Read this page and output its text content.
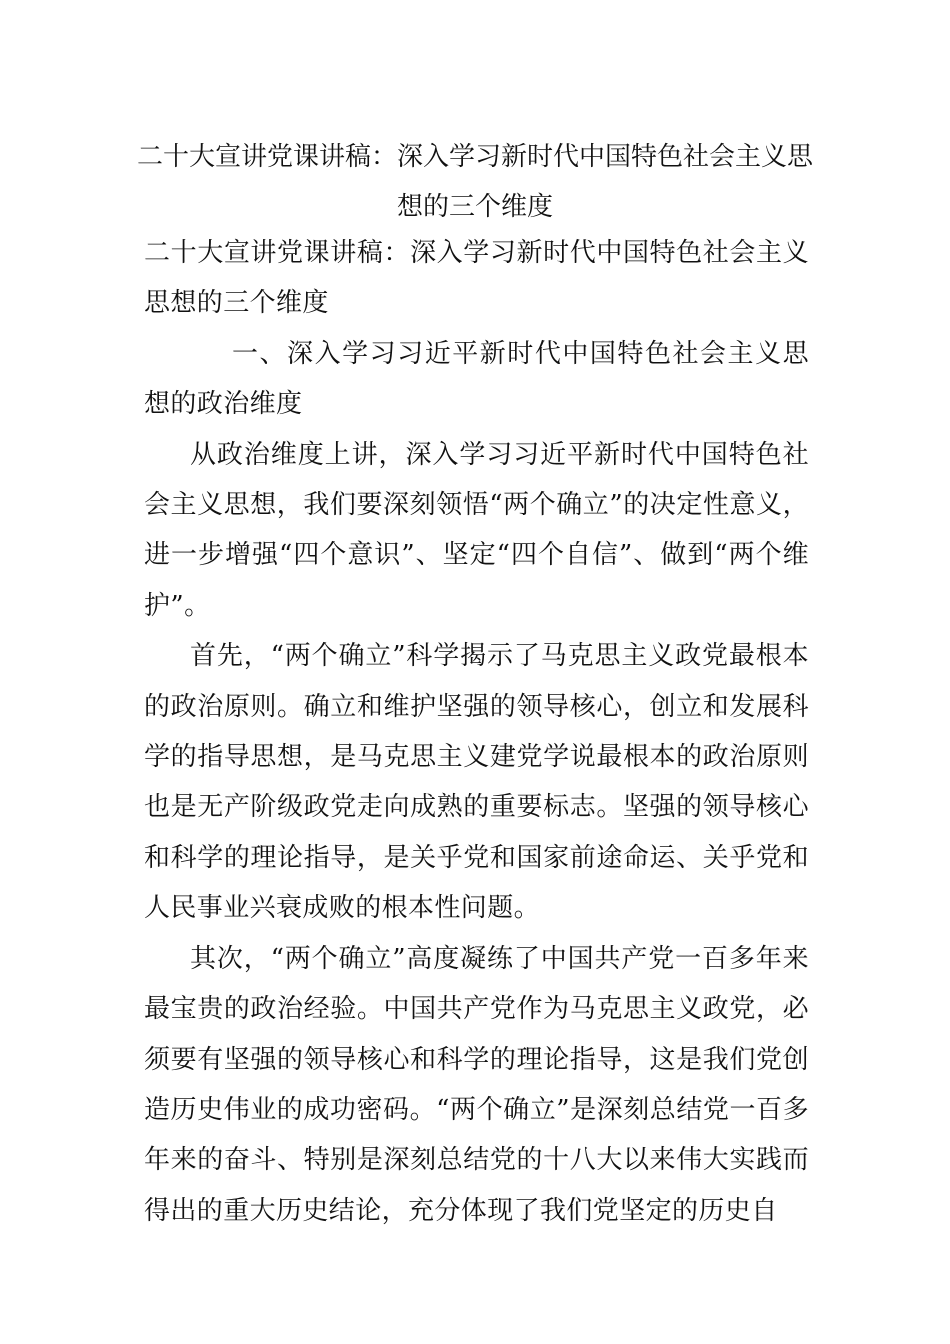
二十大宣讲党课讲稿：深入学习新时代中国特色社会主义思想的三个维度

二十大宣讲党课讲稿：深入学习新时代中国特色社会主义思想的三个维度

一、深入学习习近平新时代中国特色社会主义思想的政治维度

从政治维度上讲，深入学习习近平新时代中国特色社会主义思想，我们要深刻领悟“两个确立”的决定性意义，进一步增强“四个意识”、坚定“四个自信”、做到“两个维护”。

首先，“两个确立”科学揭示了马克思主义政党最根本的政治原则。确立和维护坚强的领导核心，创立和发展科学的指导思想，是马克思主义建党学说最根本的政治原则也是无产阶级政党走向成熟的重要标志。坚强的领导核心和科学的理论指导，是关乎党和国家前途命运、关乎党和人民事业兴衰成败的根本性问题。

其次，“两个确立”高度凝练了中国共产党一百多年来最宝贵的政治经验。中国共产党作为马克思主义政党，必须要有坚强的领导核心和科学的理论指导，这是我们党创造历史伟业的成功密码。“两个确立”是深刻总结党一百多年来的奋斗、特别是深刻总结党的十八大以来伟大实践而得出的重大历史结论，充分体现了我们党坚定的历史自
